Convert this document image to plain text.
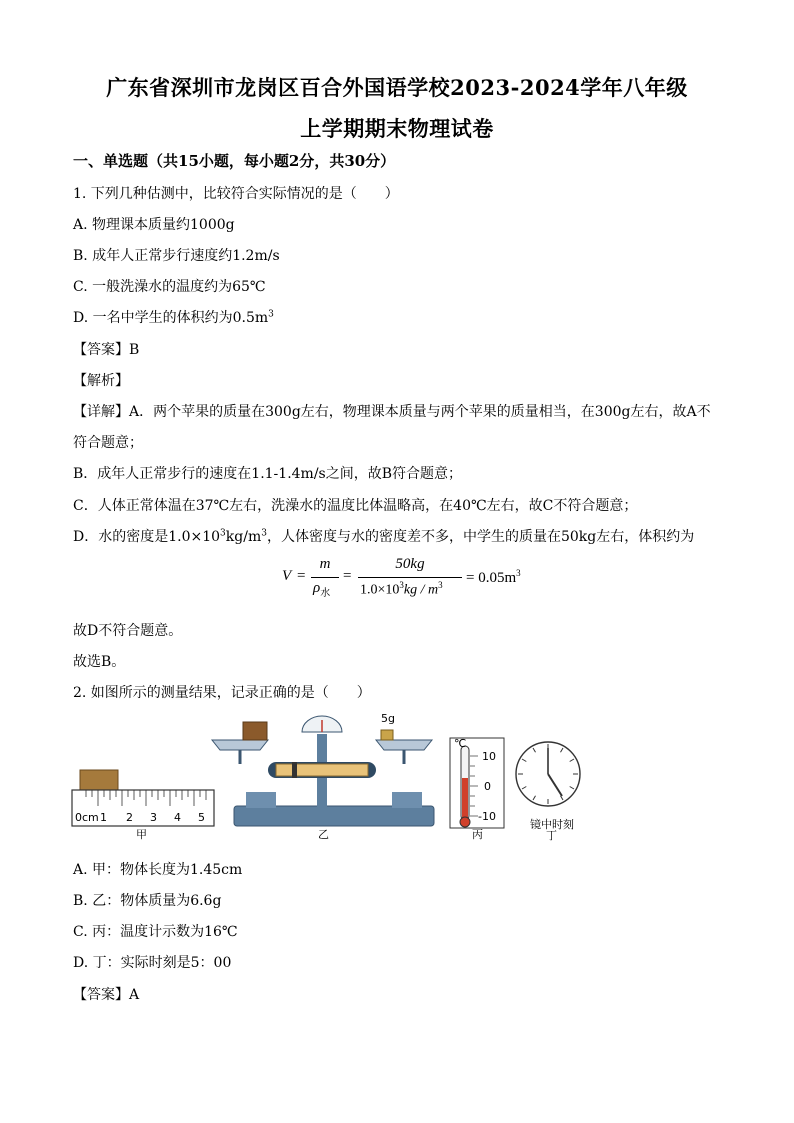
广东省深圳市龙岗区百合外国语学校2023-2024学年八年级
上学期期末物理试卷
一、单选题（共15小题，每小题2分，共30分）
1. 下列几种估测中，比较符合实际情况的是（　　）
A. 物理课本质量约1000g
B. 成年人正常步行速度约1.2m/s
C. 一般洗澡水的温度约为65℃
D. 一名中学生的体积约为$0.5m^3$
【答案】B
【解析】
【详解】A．两个苹果的质量在300g左右，物理课本质量与两个苹果的质量相当，在300g左右，故A不
符合题意；
B．成年人正常步行的速度在1.1-1.4m/s之间，故B符合题意；
C．人体正常体温在37℃左右，洗澡水的温度比体温略高，在40℃左右，故C不符合题意；
D．水的密度是$1.0\times 10^3kg/m^3$，人体密度与水的密度差不多，中学生的质量在50kg左右，体积约为
V =
m
$\rho_水$
=
50kg
$1.0\times 10^3kg / m^3 = 0.05m^3$
故D不符合题意。
故选B。
2. 如图所示的测量结果，记录正确的是（　　）
0cm 1 2 3 4 5
甲
5g
乙
℃
10
0
-10
丙
镜中时刻
丁
A. 甲：物体长度为1.45cm
B. 乙：物体质量为6.6g
C. 丙：温度计示数为16℃
D. 丁：实际时刻是5：00
【答案】A
